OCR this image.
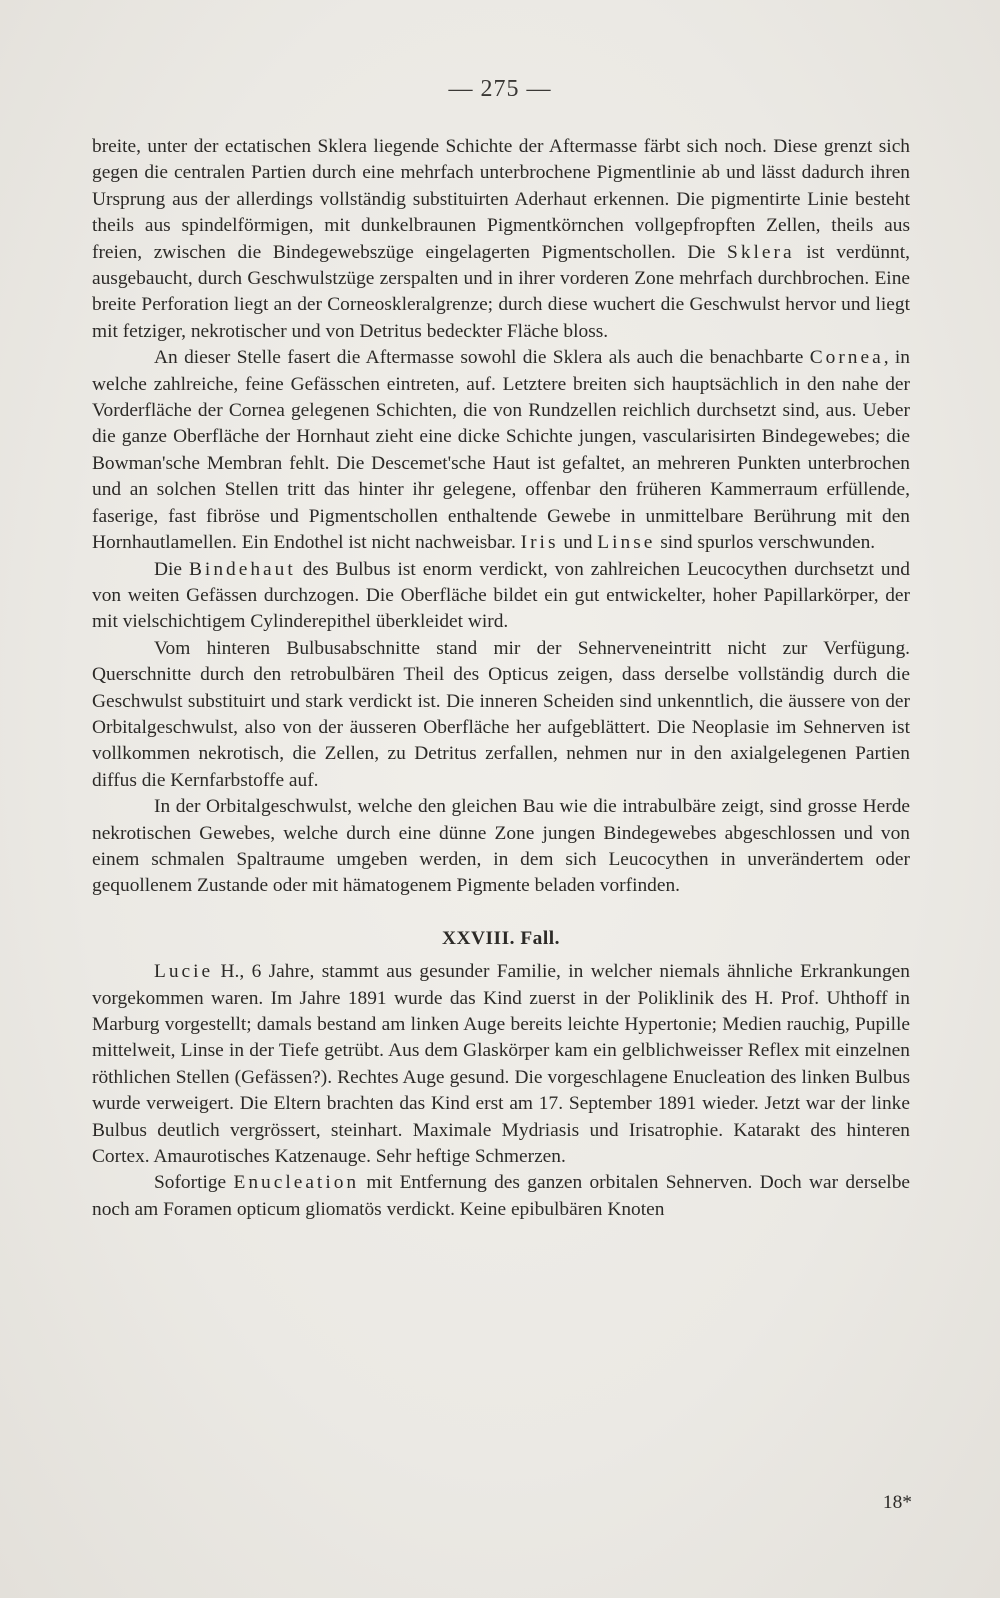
— 275 —

breite, unter der ectatischen Sklera liegende Schichte der Aftermasse färbt sich noch. Diese grenzt sich gegen die centralen Partien durch eine mehrfach unterbrochene Pigmentlinie ab und lässt dadurch ihren Ursprung aus der allerdings vollständig substituirten Aderhaut erkennen. Die pigmentirte Linie besteht theils aus spindelförmigen, mit dunkelbraunen Pigmentkörnchen vollgepfropften Zellen, theils aus freien, zwischen die Bindegewebszüge eingelagerten Pigmentschollen. Die Sklera ist verdünnt, ausgebaucht, durch Geschwulstzüge zerspalten und in ihrer vorderen Zone mehrfach durchbrochen. Eine breite Perforation liegt an der Corneoskleralgrenze; durch diese wuchert die Geschwulst hervor und liegt mit fetziger, nekrotischer und von Detritus bedeckter Fläche bloss.

An dieser Stelle fasert die Aftermasse sowohl die Sklera als auch die benachbarte Cornea, in welche zahlreiche, feine Gefässchen eintreten, auf. Letztere breiten sich hauptsächlich in den nahe der Vorderfläche der Cornea gelegenen Schichten, die von Rundzellen reichlich durchsetzt sind, aus. Ueber die ganze Oberfläche der Hornhaut zieht eine dicke Schichte jungen, vascularisirten Bindegewebes; die Bowman'sche Membran fehlt. Die Descemet'sche Haut ist gefaltet, an mehreren Punkten unterbrochen und an solchen Stellen tritt das hinter ihr gelegene, offenbar den früheren Kammerraum erfüllende, faserige, fast fibröse und Pigmentschollen enthaltende Gewebe in unmittelbare Berührung mit den Hornhautlamellen. Ein Endothel ist nicht nachweisbar. Iris und Linse sind spurlos verschwunden.

Die Bindehaut des Bulbus ist enorm verdickt, von zahlreichen Leucocythen durchsetzt und von weiten Gefässen durchzogen. Die Oberfläche bildet ein gut entwickelter, hoher Papillarkörper, der mit vielschichtigem Cylinderepithel überkleidet wird.

Vom hinteren Bulbusabschnitte stand mir der Sehnerveneintritt nicht zur Verfügung. Querschnitte durch den retrobulbären Theil des Opticus zeigen, dass derselbe vollständig durch die Geschwulst substituirt und stark verdickt ist. Die inneren Scheiden sind unkenntlich, die äussere von der Orbitalgeschwulst, also von der äusseren Oberfläche her aufgeblättert. Die Neoplasie im Sehnerven ist vollkommen nekrotisch, die Zellen, zu Detritus zerfallen, nehmen nur in den axialgelegenen Partien diffus die Kernfarbstoffe auf.

In der Orbitalgeschwulst, welche den gleichen Bau wie die intrabulbäre zeigt, sind grosse Herde nekrotischen Gewebes, welche durch eine dünne Zone jungen Bindegewebes abgeschlossen und von einem schmalen Spaltraume umgeben werden, in dem sich Leucocythen in unverändertem oder gequollenem Zustande oder mit hämatogenem Pigmente beladen vorfinden.

XXVIII. Fall.

Lucie H., 6 Jahre, stammt aus gesunder Familie, in welcher niemals ähnliche Erkrankungen vorgekommen waren. Im Jahre 1891 wurde das Kind zuerst in der Poliklinik des H. Prof. Uhthoff in Marburg vorgestellt; damals bestand am linken Auge bereits leichte Hypertonie; Medien rauchig, Pupille mittelweit, Linse in der Tiefe getrübt. Aus dem Glaskörper kam ein gelblichweisser Reflex mit einzelnen röthlichen Stellen (Gefässen?). Rechtes Auge gesund. Die vorgeschlagene Enucleation des linken Bulbus wurde verweigert. Die Eltern brachten das Kind erst am 17. September 1891 wieder. Jetzt war der linke Bulbus deutlich vergrössert, steinhart. Maximale Mydriasis und Irisatrophie. Katarakt des hinteren Cortex. Amaurotisches Katzenauge. Sehr heftige Schmerzen.

Sofortige Enucleation mit Entfernung des ganzen orbitalen Sehnerven. Doch war derselbe noch am Foramen opticum gliomatös verdickt. Keine epibulbären Knoten

18*
